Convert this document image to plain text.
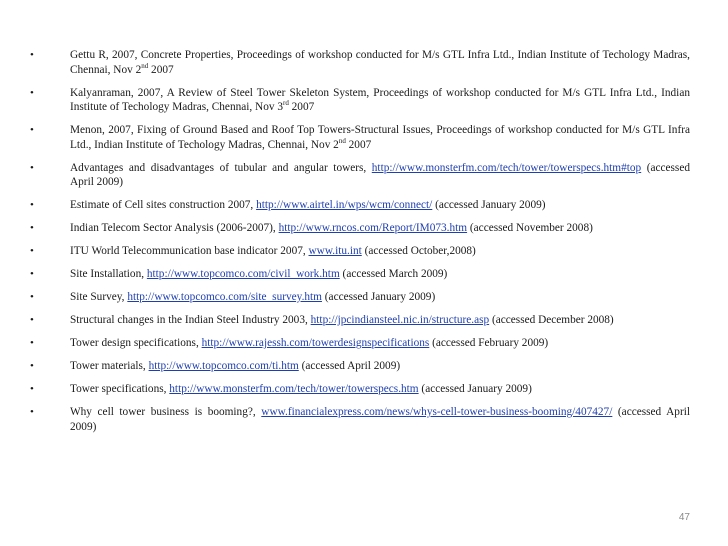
•	Gettu R, 2007, Concrete Properties, Proceedings of workshop conducted for M/s GTL Infra Ltd., Indian Institute of Techology Madras, Chennai, Nov 2nd 2007
•	Kalyanraman, 2007, A Review of Steel Tower Skeleton System, Proceedings of workshop conducted for M/s GTL Infra Ltd., Indian Institute of Techology Madras, Chennai, Nov 3rd 2007
•	Menon, 2007, Fixing of Ground Based and Roof Top Towers-Structural Issues, Proceedings of workshop conducted for M/s GTL Infra Ltd., Indian Institute of Techology Madras, Chennai, Nov 2nd 2007
•	Advantages and disadvantages of tubular and angular towers, http://www.monsterfm.com/tech/tower/towerspecs.htm#top (accessed April 2009)
•	Estimate of Cell sites construction 2007, http://www.airtel.in/wps/wcm/connect/ (accessed January 2009)
•	Indian Telecom Sector Analysis (2006-2007), http://www.rncos.com/Report/IM073.htm (accessed November 2008)
•	ITU World Telecommunication base indicator 2007, www.itu.int (accessed October,2008)
•	Site Installation, http://www.topcomco.com/civil_work.htm (accessed March 2009)
•	Site Survey, http://www.topcomco.com/site_survey.htm (accessed January 2009)
•	Structural changes in the Indian Steel Industry 2003, http://jpcindiansteel.nic.in/structure.asp (accessed December 2008)
•	Tower design specifications, http://www.rajessh.com/towerdesignspecifications (accessed February 2009)
•	Tower materials, http://www.topcomco.com/ti.htm (accessed April 2009)
•	Tower specifications, http://www.monsterfm.com/tech/tower/towerspecs.htm (accessed January 2009)
•	Why cell tower business is booming?, www.financialexpress.com/news/whys-cell-tower-business-booming/407427/ (accessed April 2009)
47
